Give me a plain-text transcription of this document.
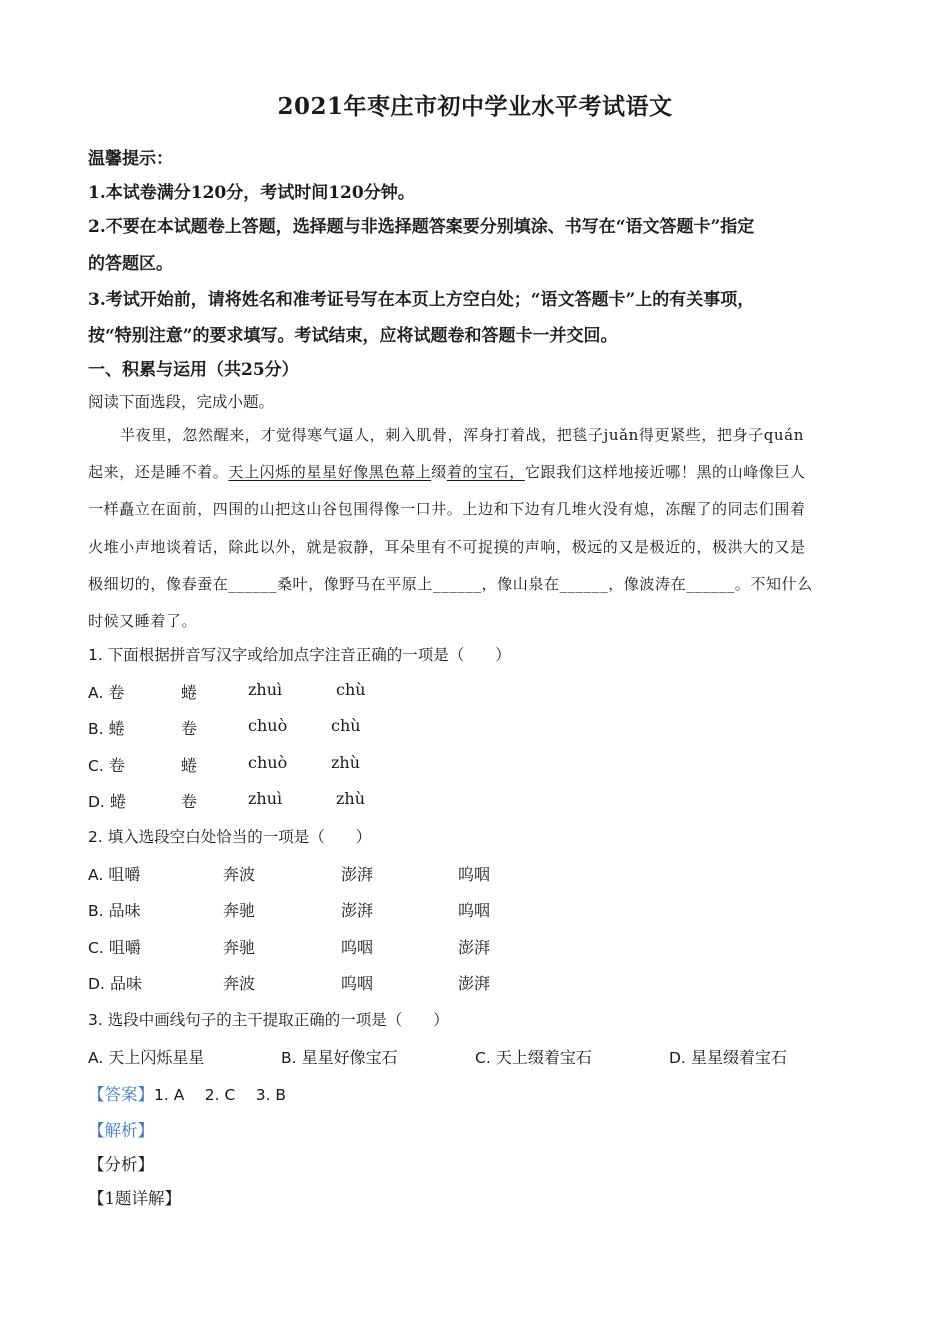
2021年枣庄市初中学业水平考试语文
温馨提示：
1.本试卷满分120分，考试时间120分钟。
2.不要在本试题卷上答题，选择题与非选择题答案要分别填涂、书写在“语文答题卡”指定
的答题区。
3.考试开始前，请将姓名和准考证号写在本页上方空白处；“语文答题卡”上的有关事项，
按“特别注意”的要求填写。考试结束，应将试题卷和答题卡一并交回。
一、积累与运用（共25分）
阅读下面选段，完成小题。
半夜里，忽然醒来，才觉得寒气逼人，刺入肌骨，浑身打着战，把毯子juǎn得更紧些，把身子quán
起来，还是睡不着。天上闪烁的星星好像黑色幕上缀着的宝石，它跟我们这样地接近哪！黑的山峰像巨人
一样矗立在面前，四围的山把这山谷包围得像一口井。上边和下边有几堆火没有熄，冻醒了的同志们围着
火堆小声地谈着话，除此以外，就是寂静，耳朵里有不可捉摸的声响，极远的又是极近的，极洪大的又是
极细切的，像春蚕在______桑叶，像野马在平原上______，像山泉在______，像波涛在______。不知什么
时候又睡着了。
1. 下面根据拼音写汉字或给加点字注音正确的一项是（　　）
A. 卷	蜷	zhuì	chù
B. 蜷	卷	chuò	chù
C. 卷	蜷	chuò	zhù
D. 蜷	卷	zhuì	zhù
2. 填入选段空白处恰当的一项是（　　）
A. 咀嚼	奔波	澎湃	呜咽
B. 品味	奔驰	澎湃	呜咽
C. 咀嚼	奔驰	呜咽	澎湃
D. 品味	奔波	呜咽	澎湃
3. 选段中画线句子的主干提取正确的一项是（　　）
A. 天上闪烁星星	B. 星星好像宝石	C. 天上缀着宝石	D. 星星缀着宝石
【答案】1. A　 2. C　 3. B
【解析】
【分析】
【1题详解】
